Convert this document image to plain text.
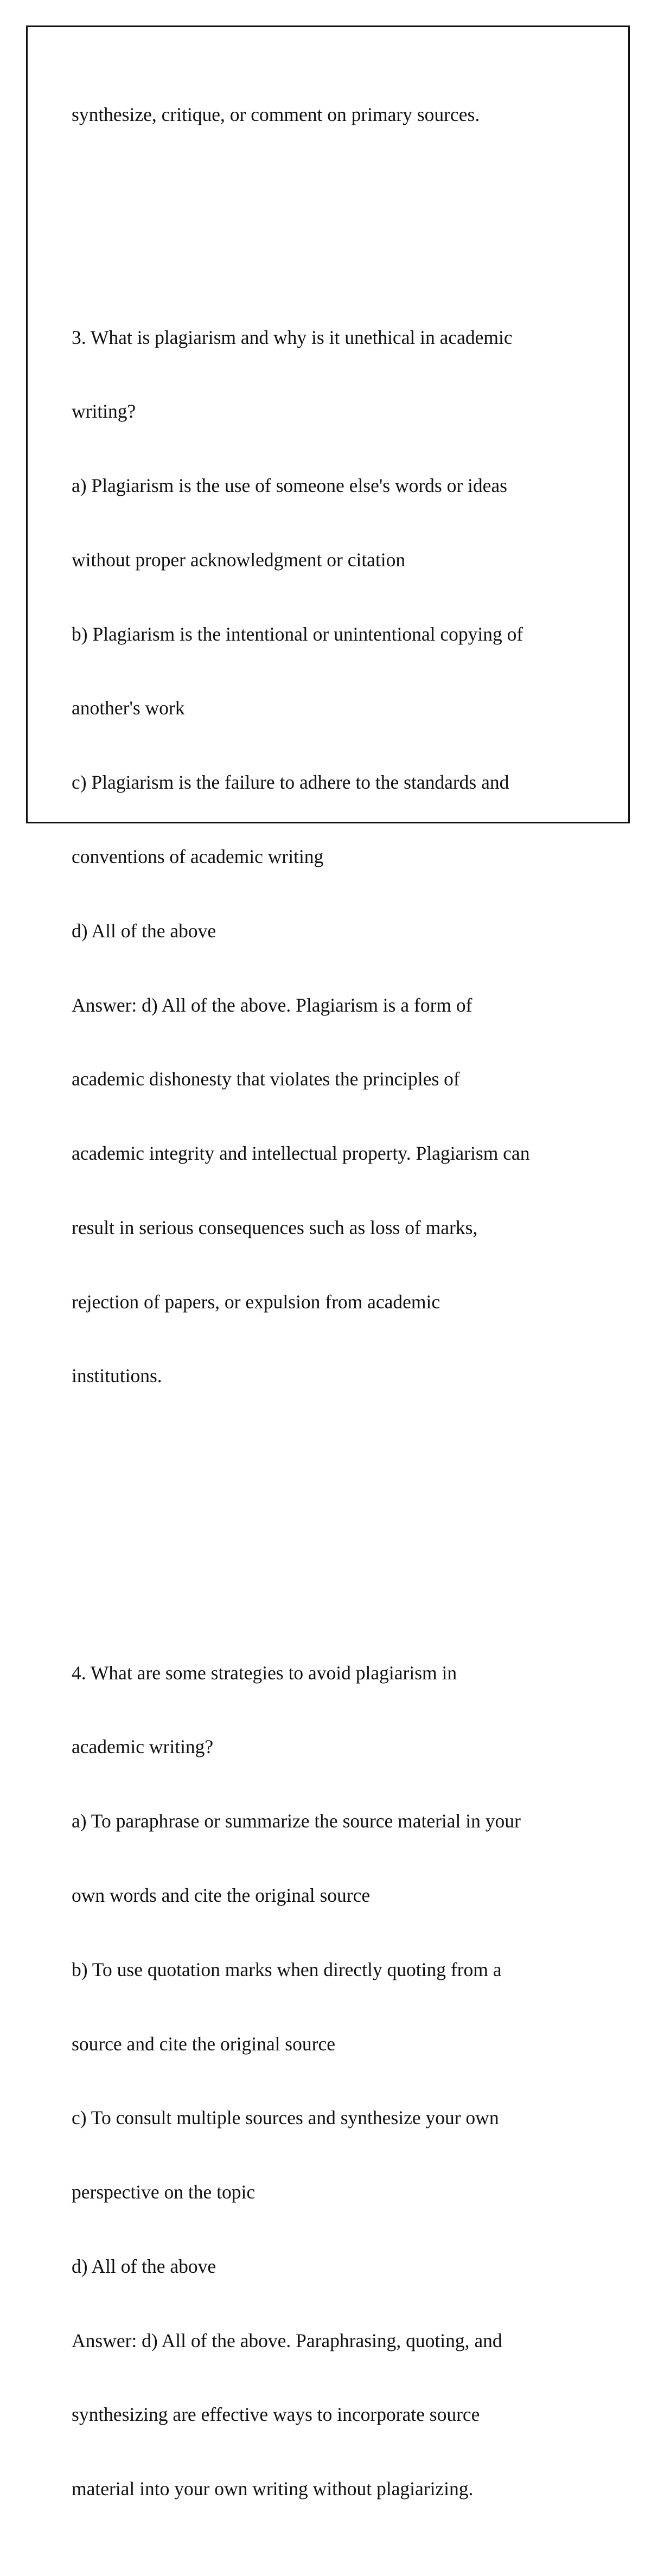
synthesize, critique, or comment on primary sources.

3. What is plagiarism and why is it unethical in academic

writing?

a) Plagiarism is the use of someone else's words or ideas

without proper acknowledgment or citation

b) Plagiarism is the intentional or unintentional copying of

another's work

c) Plagiarism is the failure to adhere to the standards and

conventions of academic writing

d) All of the above

Answer: d) All of the above. Plagiarism is a form of

academic dishonesty that violates the principles of

academic integrity and intellectual property. Plagiarism can

result in serious consequences such as loss of marks,

rejection of papers, or expulsion from academic

institutions.

4. What are some strategies to avoid plagiarism in

academic writing?

a) To paraphrase or summarize the source material in your

own words and cite the original source

b) To use quotation marks when directly quoting from a

source and cite the original source

c) To consult multiple sources and synthesize your own

perspective on the topic

d) All of the above

Answer: d) All of the above. Paraphrasing, quoting, and

synthesizing are effective ways to incorporate source

material into your own writing without plagiarizing.
